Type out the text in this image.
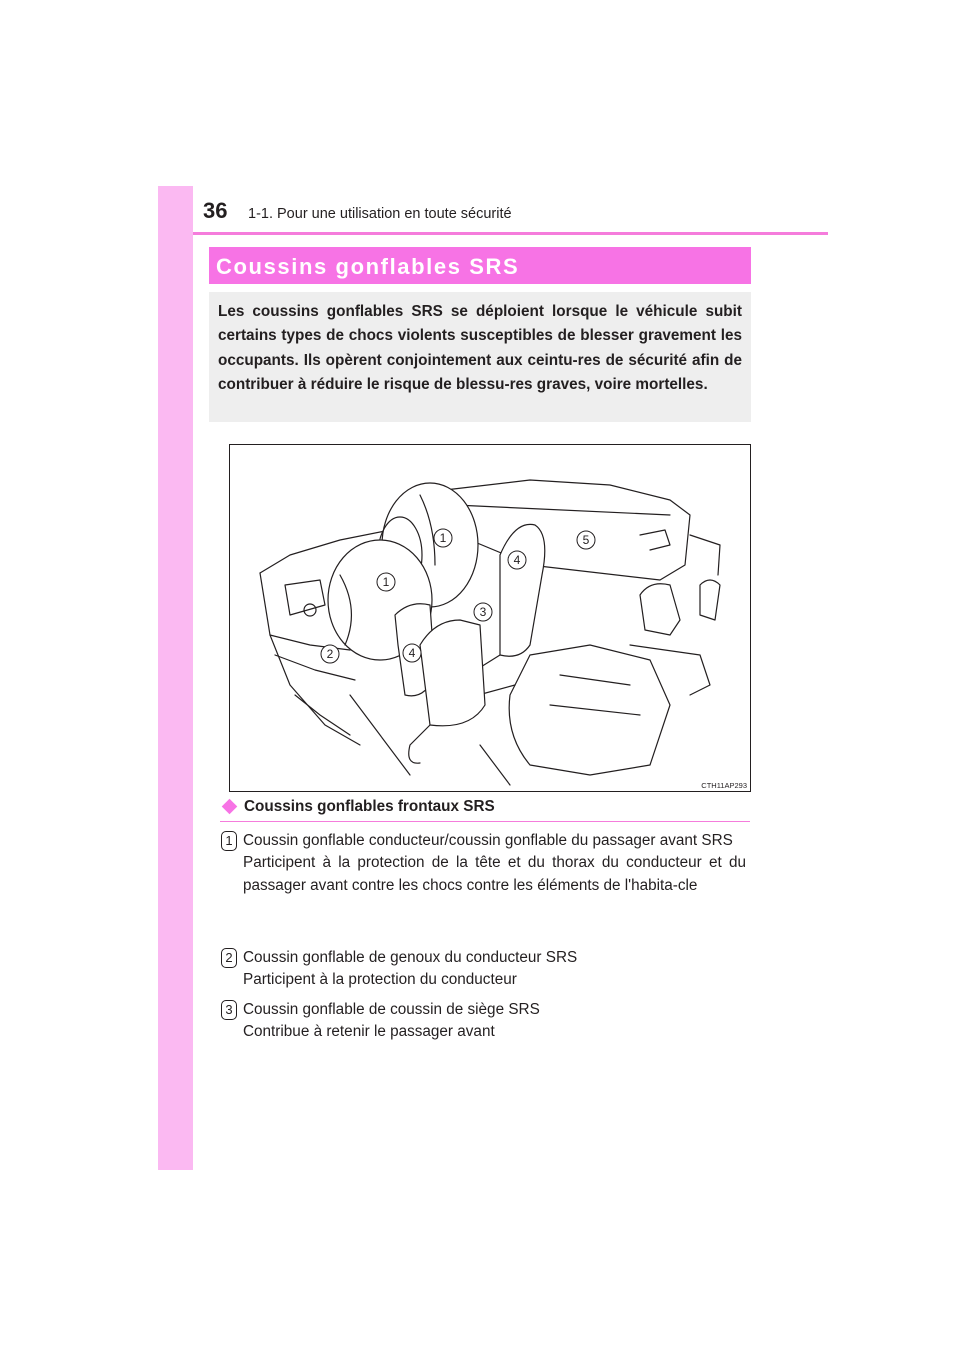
36 1-1. Pour une utilisation en toute sécurité
Coussins gonflables SRS
Les coussins gonflables SRS se déploient lorsque le véhicule subit certains types de chocs violents susceptibles de blesser gravement les occupants. Ils opèrent conjointement aux ceintu-res de sécurité afin de contribuer à réduire le risque de blessu-res graves, voire mortelles.
1
1
2
3
4
4
5
CTH11AP293
Coussins gonflables frontaux SRS
1 Coussin gonflable conducteur/coussin gonflable du passager avant SRS
Participent à la protection de la tête et du thorax du conducteur et du passager avant contre les chocs contre les éléments de l'habita-cle
2 Coussin gonflable de genoux du conducteur SRS
Participent à la protection du conducteur
3 Coussin gonflable de coussin de siège SRS
Contribue à retenir le passager avant
